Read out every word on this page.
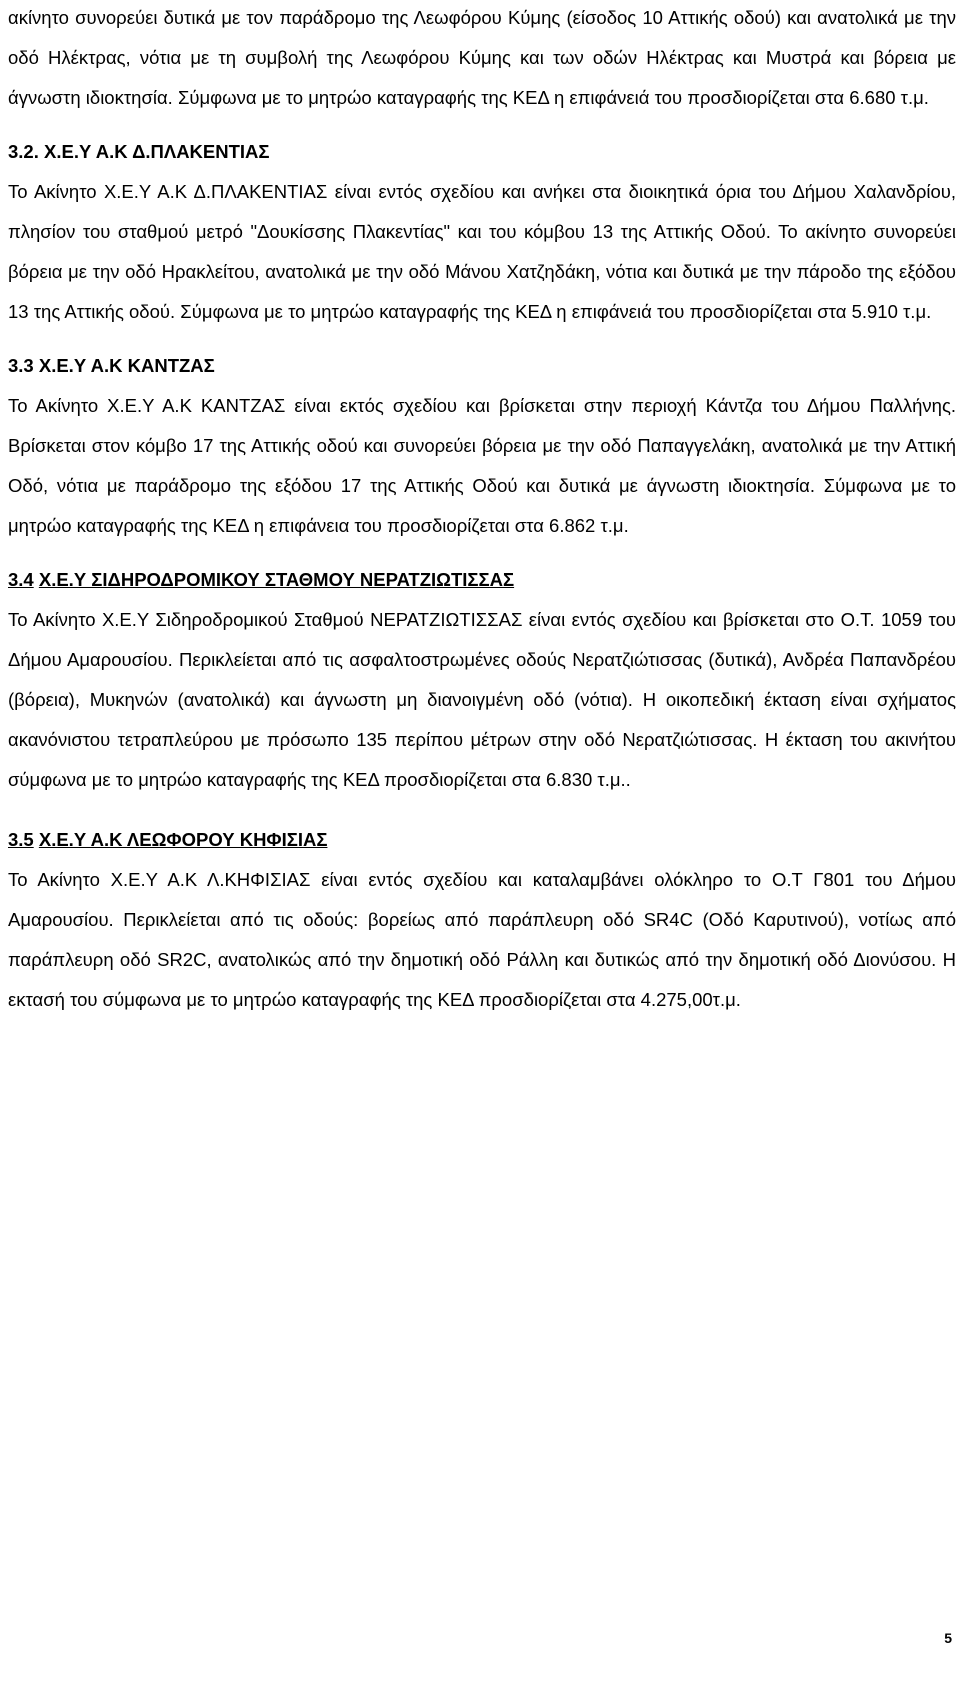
ακίνητο συνορεύει δυτικά με τον παράδρομο της Λεωφόρου Κύμης (είσοδος 10 Αττικής οδού) και ανατολικά με την οδό Ηλέκτρας, νότια με τη συμβολή της Λεωφόρου Κύμης και των οδών Ηλέκτρας και Μυστρά και βόρεια με άγνωστη ιδιοκτησία. Σύμφωνα με το μητρώο καταγραφής της ΚΕΔ η επιφάνειά του προσδιορίζεται στα 6.680 τ.μ.

3.2. Χ.Ε.Υ Α.Κ Δ.ΠΛΑΚΕΝΤΙΑΣ

Το Ακίνητο Χ.Ε.Υ Α.Κ Δ.ΠΛΑΚΕΝΤΙΑΣ είναι εντός σχεδίου και ανήκει στα διοικητικά όρια του Δήμου Χαλανδρίου, πλησίον του σταθμού μετρό "Δουκίσσης Πλακεντίας" και του κόμβου 13 της Αττικής Οδού. Το ακίνητο συνορεύει βόρεια με την οδό Ηρακλείτου, ανατολικά με την οδό Μάνου Χατζηδάκη, νότια και δυτικά με την πάροδο της εξόδου 13 της Αττικής οδού. Σύμφωνα με το μητρώο καταγραφής της ΚΕΔ η επιφάνειά του προσδιορίζεται στα 5.910 τ.μ.

3.3 Χ.Ε.Υ Α.Κ ΚΑΝΤΖΑΣ

Το Ακίνητο Χ.Ε.Υ Α.Κ ΚΑΝΤΖΑΣ είναι εκτός σχεδίου και βρίσκεται στην περιοχή Κάντζα του Δήμου Παλλήνης. Βρίσκεται στον κόμβο 17 της Αττικής οδού και συνορεύει βόρεια με την οδό Παπαγγελάκη, ανατολικά με την Αττική Οδό, νότια με παράδρομο της εξόδου 17 της Αττικής Οδού και δυτικά με άγνωστη ιδιοκτησία. Σύμφωνα με το μητρώο καταγραφής της ΚΕΔ η επιφάνεια του προσδιορίζεται στα 6.862 τ.μ.

3.4 Χ.Ε.Υ ΣΙΔΗΡΟΔΡΟΜΙΚΟΥ ΣΤΑΘΜΟΥ ΝΕΡΑΤΖΙΩΤΙΣΣΑΣ

Το Ακίνητο Χ.Ε.Υ Σιδηροδρομικού Σταθμού ΝΕΡΑΤΖΙΩΤΙΣΣΑΣ είναι εντός σχεδίου και βρίσκεται στο Ο.Τ. 1059 του Δήμου Αμαρουσίου. Περικλείεται από τις ασφαλτοστρωμένες οδούς Νερατζιώτισσας (δυτικά), Ανδρέα Παπανδρέου (βόρεια), Μυκηνών (ανατολικά) και άγνωστη μη διανοιγμένη οδό (νότια). Η οικοπεδική έκταση είναι σχήματος ακανόνιστου τετραπλεύρου με πρόσωπο 135 περίπου μέτρων στην οδό Νερατζιώτισσας. Η έκταση του ακινήτου σύμφωνα με το μητρώο καταγραφής της ΚΕΔ προσδιορίζεται στα 6.830 τ.μ..

3.5 Χ.Ε.Υ Α.Κ ΛΕΩΦΟΡΟΥ ΚΗΦΙΣΙΑΣ

Το Ακίνητο Χ.Ε.Υ Α.Κ Λ.ΚΗΦΙΣΙΑΣ είναι εντός σχεδίου και καταλαμβάνει ολόκληρο το Ο.Τ Γ801 του Δήμου Αμαρουσίου. Περικλείεται από τις οδούς: βορείως από παράπλευρη οδό SR4C (Οδό Καρυτινού), νοτίως από παράπλευρη οδό SR2C, ανατολικώς από την δημοτική οδό Ράλλη και δυτικώς από την δημοτική οδό Διονύσου. Η εκτασή του σύμφωνα με το μητρώο καταγραφής της ΚΕΔ προσδιορίζεται στα 4.275,00τ.μ.

5
